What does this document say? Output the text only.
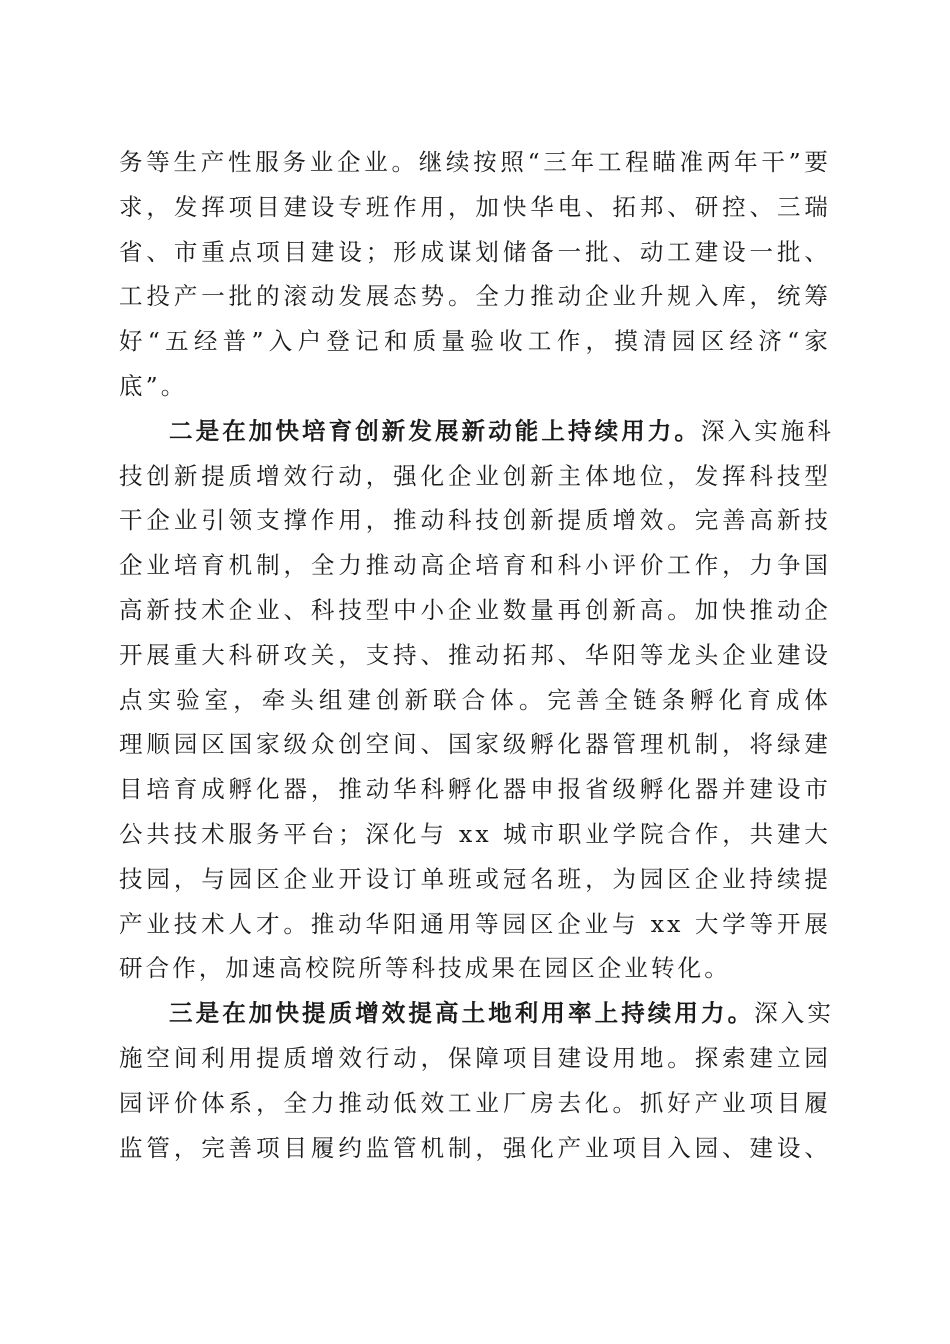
务等生产性服务业企业。继续按照“三年工程瞄准两年干”要
求，发挥项目建设专班作用，加快华电、拓邦、研控、三瑞
省、市重点项目建设；形成谋划储备一批、动工建设一批、
工投产一批的滚动发展态势。全力推动企业升规入库，统筹
好“五经普”入户登记和质量验收工作，摸清园区经济“家
底”。
二是在加快培育创新发展新动能上持续用力。深入实施科
技创新提质增效行动，强化企业创新主体地位，发挥科技型
干企业引领支撑作用，推动科技创新提质增效。完善高新技
企业培育机制，全力推动高企培育和科小评价工作，力争国
高新技术企业、科技型中小企业数量再创新高。加快推动企
开展重大科研攻关，支持、推动拓邦、华阳等龙头企业建设
点实验室，牵头组建创新联合体。完善全链条孵化育成体
理顺园区国家级众创空间、国家级孵化器管理机制，将绿建
目培育成孵化器，推动华科孵化器申报省级孵化器并建设市
公共技术服务平台；深化与 xx 城市职业学院合作，共建大
技园，与园区企业开设订单班或冠名班，为园区企业持续提
产业技术人才。推动华阳通用等园区企业与 xx 大学等开展
研合作，加速高校院所等科技成果在园区企业转化。
三是在加快提质增效提高土地利用率上持续用力。深入实
施空间利用提质增效行动，保障项目建设用地。探索建立园
园评价体系，全力推动低效工业厂房去化。抓好产业项目履
监管，完善项目履约监管机制，强化产业项目入园、建设、
